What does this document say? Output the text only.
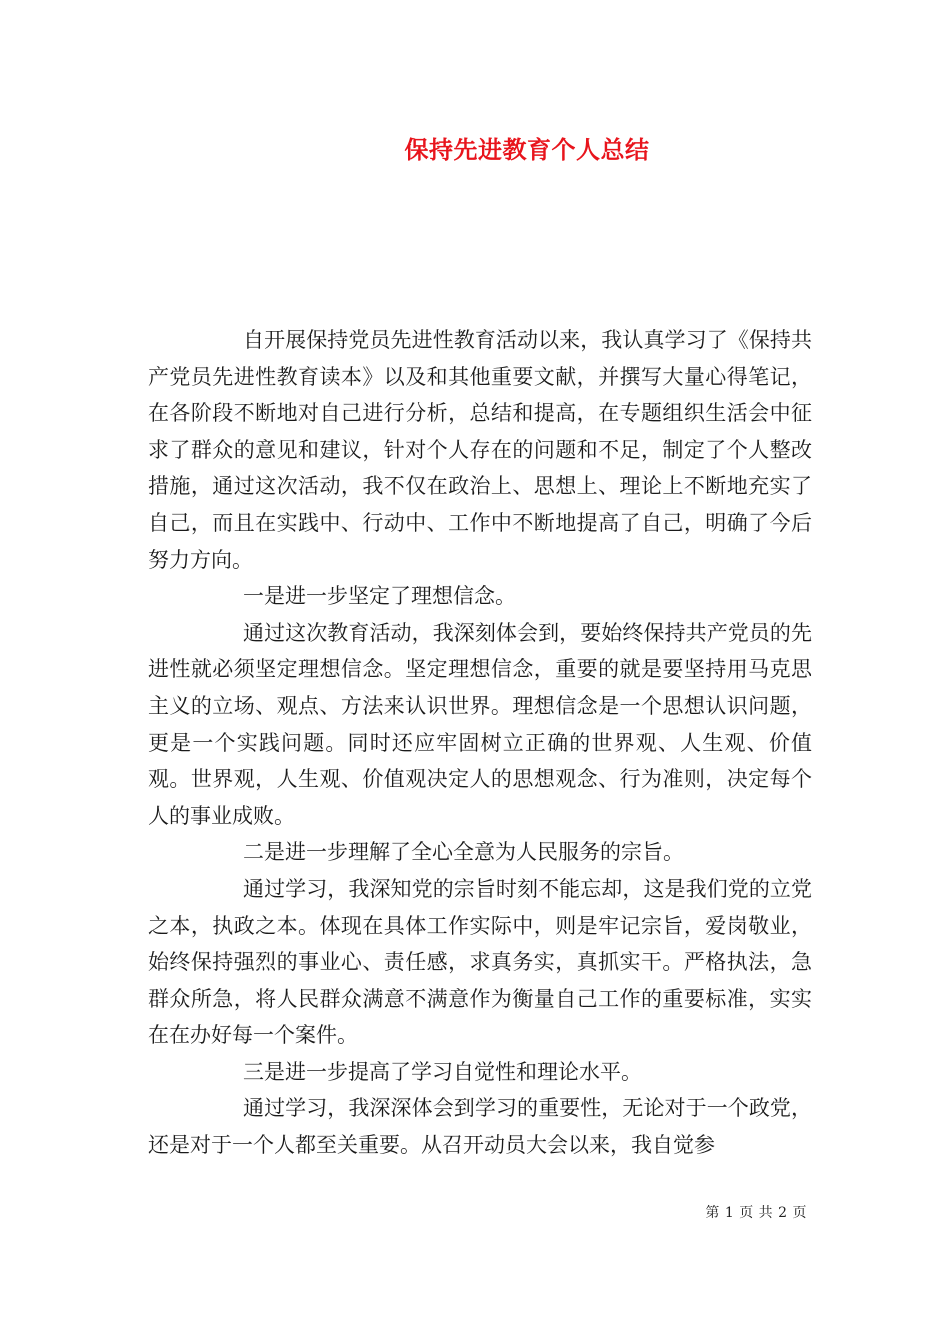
保持先进教育个人总结

自开展保持党员先进性教育活动以来，我认真学习了《保持共产党员先进性教育读本》以及和其他重要文献，并撰写大量心得笔记，在各阶段不断地对自己进行分析，总结和提高，在专题组织生活会中征求了群众的意见和建议，针对个人存在的问题和不足，制定了个人整改措施，通过这次活动，我不仅在政治上、思想上、理论上不断地充实了自己，而且在实践中、行动中、工作中不断地提高了自己，明确了今后努力方向。

一是进一步坚定了理想信念。

通过这次教育活动，我深刻体会到，要始终保持共产党员的先进性就必须坚定理想信念。坚定理想信念，重要的就是要坚持用马克思主义的立场、观点、方法来认识世界。理想信念是一个思想认识问题，更是一个实践问题。同时还应牢固树立正确的世界观、人生观、价值观。世界观，人生观、价值观决定人的思想观念、行为准则，决定每个人的事业成败。

二是进一步理解了全心全意为人民服务的宗旨。

通过学习，我深知党的宗旨时刻不能忘却，这是我们党的立党之本，执政之本。体现在具体工作实际中，则是牢记宗旨，爱岗敬业，始终保持强烈的事业心、责任感，求真务实，真抓实干。严格执法，急群众所急，将人民群众满意不满意作为衡量自己工作的重要标准，实实在在办好每一个案件。

三是进一步提高了学习自觉性和理论水平。

通过学习，我深深体会到学习的重要性，无论对于一个政党，还是对于一个人都至关重要。从召开动员大会以来，我自觉参

第 1 页 共 2 页
